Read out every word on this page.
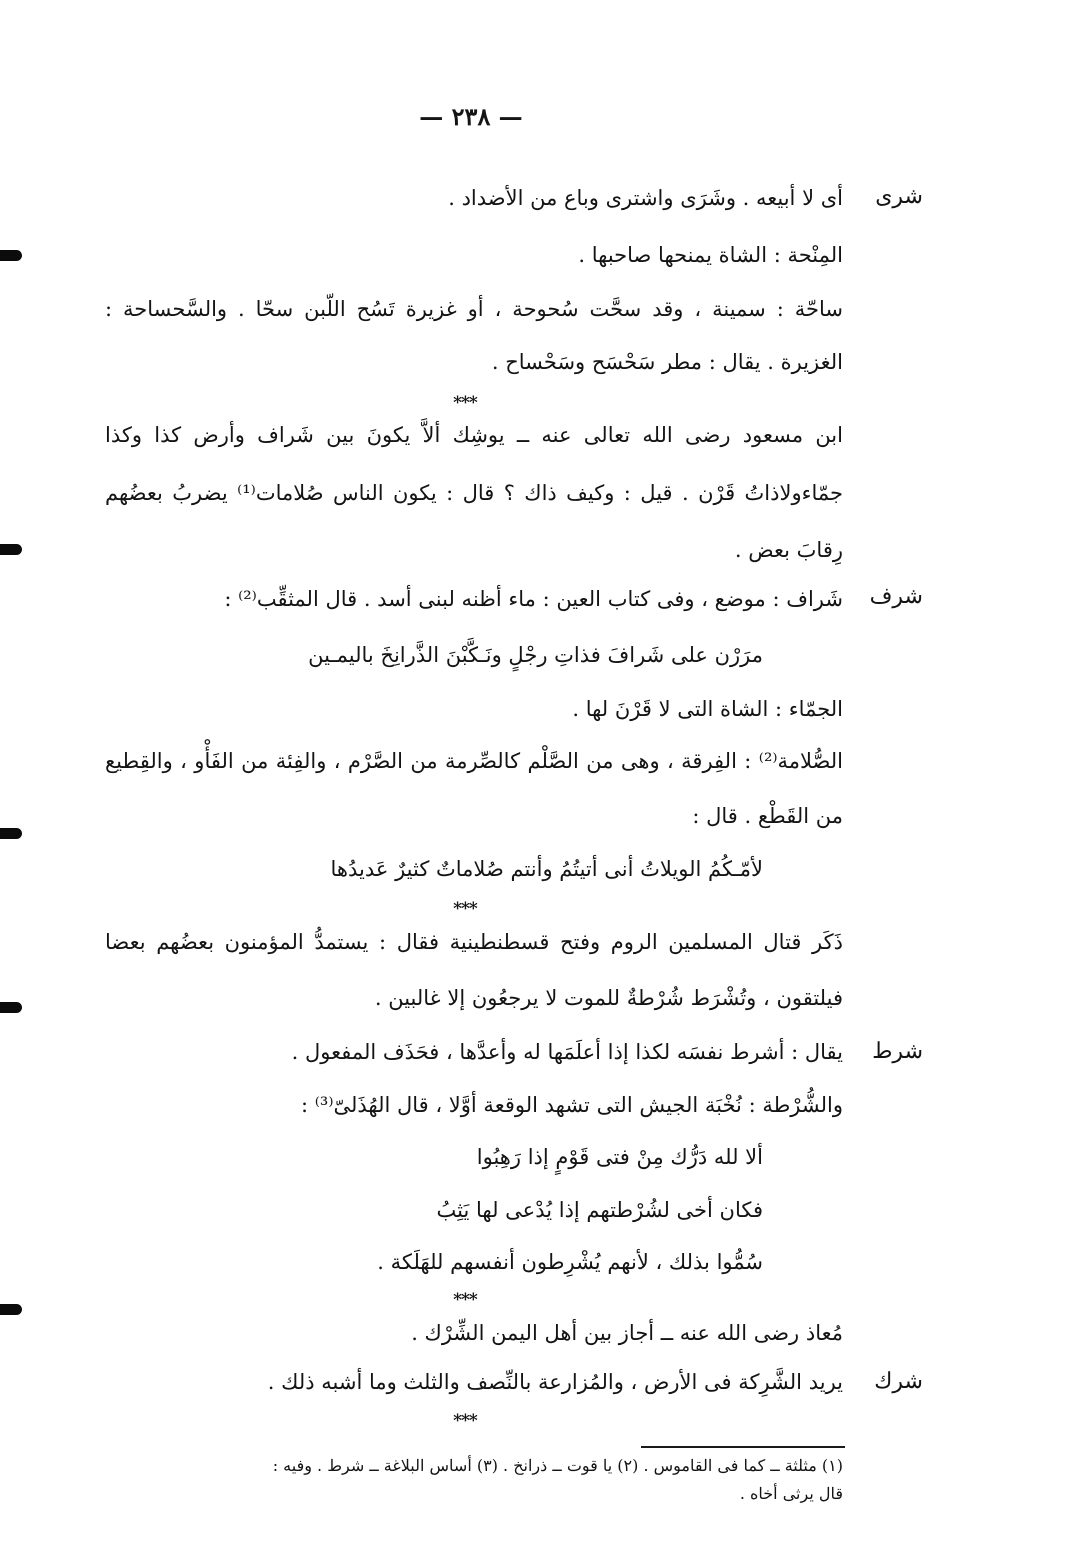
— ٢٣٨ —
شرى
شرف
شرط
شرك
أى لا أبيعه . وشَرَى واشترى وباع من الأضداد .
المِنْحة : الشاة يمنحها صاحبها .
ساحّة : سمينة ، وقد سحَّت سُحوحة ، أو غزيرة تَسُح اللّبن سحّا . والسَّحساحة :
الغزيرة . يقال : مطر سَحْسَح وسَحْساح .
***
ابن مسعود رضى الله تعالى عنه ــ يوشِك ألاَّ يكونَ بين شَراف وأرض كذا وكذا
جمّاءولاذاتُ قَرْن . قيل : وكيف ذاك ؟ قال : يكون الناس صُلامات⁽¹⁾ يضربُ بعضُهم
رِقابَ بعض .
شَراف : موضع ، وفى كتاب العين : ماء أظنه لبنى أسد . قال المثقِّب⁽²⁾ :
مرَرْن على شَرافَ فذاتِ رجْلٍ ونَـكَّبْنَ الذَّرانِخَ باليمـين
الجمّاء : الشاة التى لا قَرْنَ لها .
الصُّلامة⁽²⁾ : الفِرقة ، وهى من الصَّلْم كالصِّرمة من الصَّرْم ، والفِئة من الفَأْو ، والقِطيع
من القَطْع . قال :
لأمّـكُمُ الويلاتُ أنى أتيتُمُ وأنتم صُلاماتٌ كثيرٌ عَديدُها
***
ذَكَر قتال المسلمين الروم وفتح قسطنطينية فقال : يستمدُّ المؤمنون بعضُهم بعضا
فيلتقون ، وتُشْرَط شُرْطةٌ للموت لا يرجعُون إلا غالبين .
يقال : أشرط نفسَه لكذا إذا أعلَمَها له وأعدَّها ، فحَذَف المفعول .
والشُّرْطة : نُخْبَة الجيش التى تشهد الوقعة أوَّلا ، قال الهُذَلىّ⁽³⁾ :
ألا لله دَرُّك مِنْ فتى قَوْمٍ إذا رَهِبُوا
فكان أخى لشُرْطتهم إذا يُدْعى لها يَثِبُ
سُمُّوا بذلك ، لأنهم يُشْرِطون أنفسهم للهَلَكة .
***
مُعاذ رضى الله عنه ــ أجاز بين أهل اليمن الشِّرْك .
يريد الشَّرِكة فى الأرض ، والمُزارعة بالنِّصف والثلث وما أشبه ذلك .
***
(١) مثلثة ــ كما فى القاموس . (٢) يا قوت ــ ذرانخ . (٣) أساس البلاغة ــ شرط . وفيه :
قال يرثى أخاه .
